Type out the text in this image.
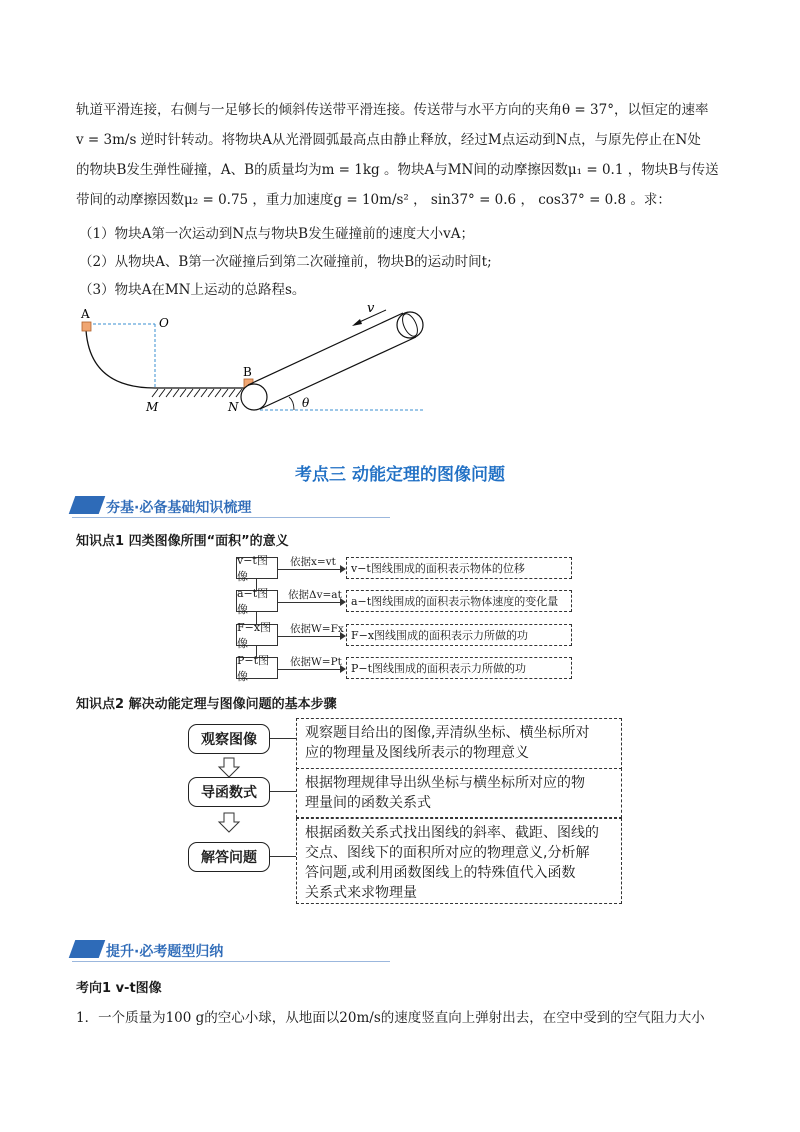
轨道平滑连接，右侧与一足够长的倾斜传送带平滑连接。传送带与水平方向的夹角θ = 37°，以恒定的速率
v = 3m/s 逆时针转动。将物块A从光滑圆弧最高点由静止释放，经过M点运动到N点，与原先停止在N处
的物块B发生弹性碰撞，A、B的质量均为m = 1kg 。物块A与MN间的动摩擦因数μ₁ = 0.1 ，物块B与传送
带间的动摩擦因数μ₂ = 0.75 ，重力加速度g = 10m/s² ， sin37° = 0.6 ， cos37° = 0.8 。求：
（1）物块A第一次运动到N点与物块B发生碰撞前的速度大小vA；
（2）从物块A、B第一次碰撞后到第二次碰撞前，物块B的运动时间t;
（3）物块A在MN上运动的总路程s。
A
O
B
M	N
v
θ
考点三 动能定理的图像问题
夯基·必备基础知识梳理
知识点1 四类图像所围“面积”的意义
v−t图像
依据x=vt	v−t图线围成的面积表示物体的位移
a−t图像
依据Δv=at a−t图线围成的面积表示物体速度的变化量
F−x图像
依据W=Fx F−x图线围成的面积表示力所做的功
P−t图像
依据W=Pt P−t图线围成的面积表示力所做的功
知识点2 解决动能定理与图像问题的基本步骤
观察图像	观察题目给出的图像,弄清纵坐标、横坐标所对
应的物理量及图线所表示的物理意义
导函数式
根据物理规律导出纵坐标与横坐标所对应的物
理量间的函数关系式
解答问题
根据函数关系式找出图线的斜率、截距、图线的
交点、图线下的面积所对应的物理意义,分析解
答问题,或利用函数图线上的特殊值代入函数
关系式来求物理量
提升·必考题型归纳
考向1 v-t图像
1．一个质量为100 g的空心小球，从地面以20m/s的速度竖直向上弹射出去，在空中受到的空气阻力大小
